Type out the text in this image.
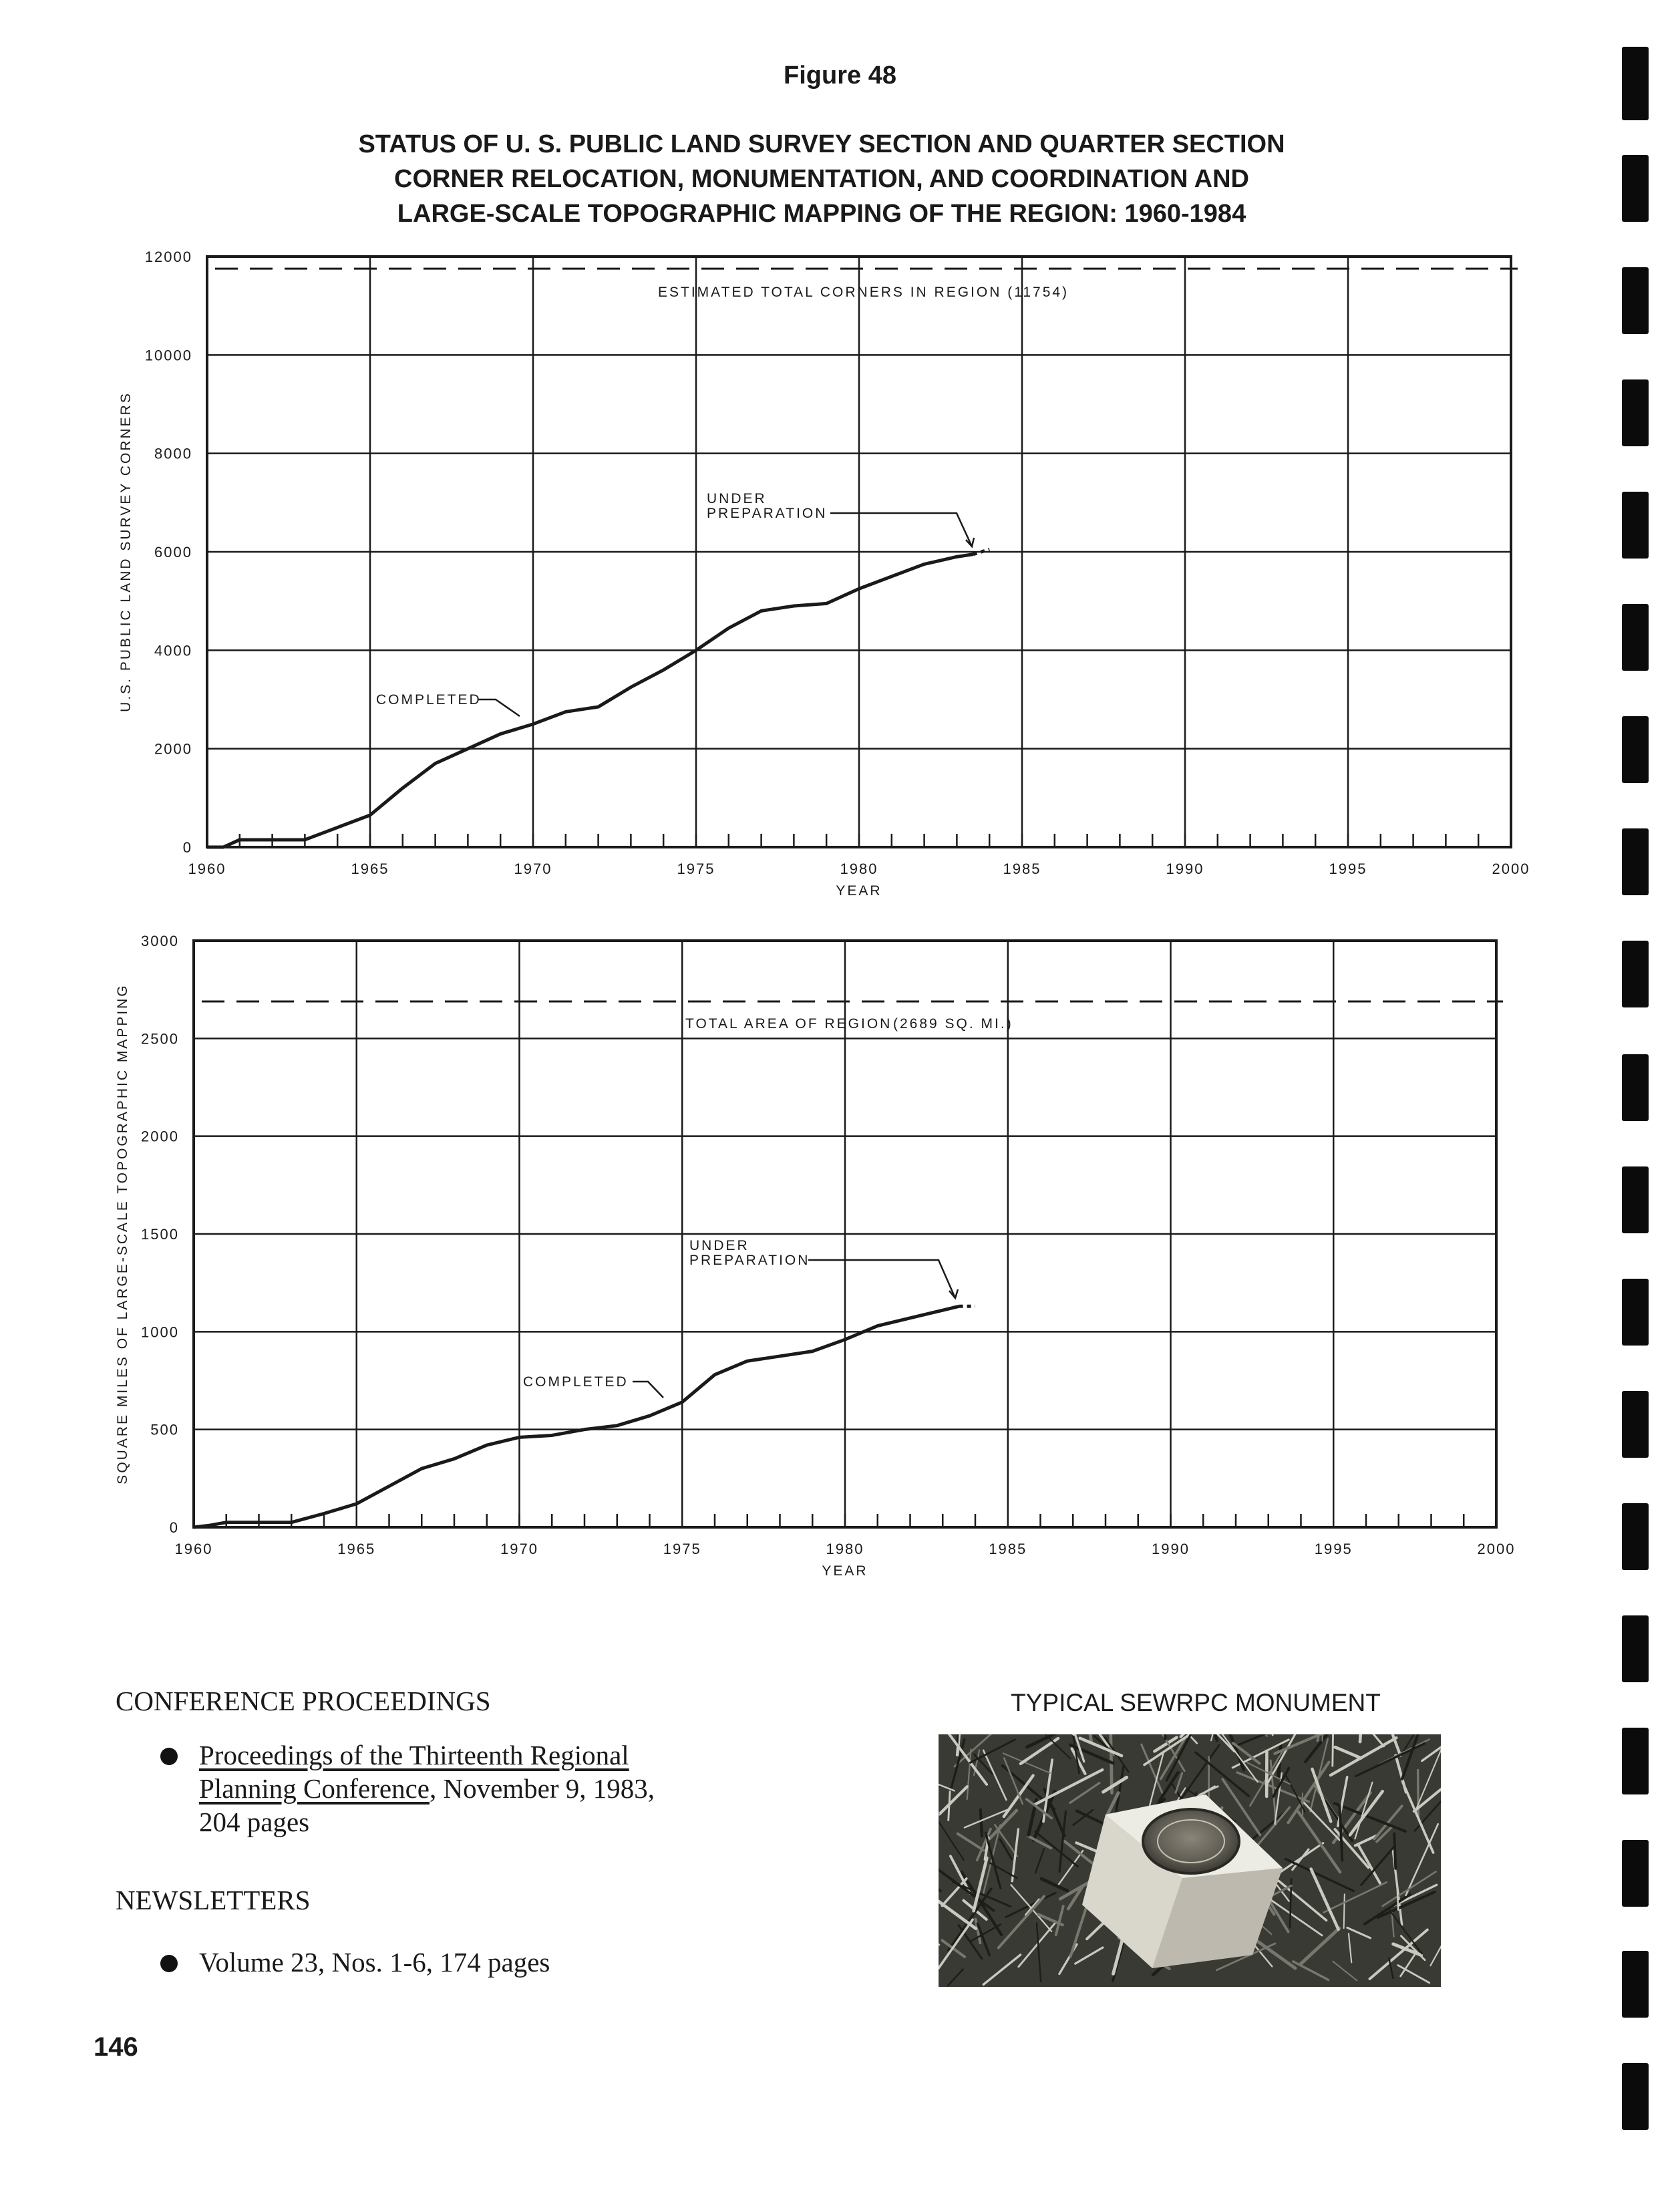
Figure 48
STATUS OF U. S. PUBLIC LAND SURVEY SECTION AND QUARTER SECTION
CORNER RELOCATION, MONUMENTATION, AND COORDINATION AND
LARGE-SCALE TOPOGRAPHIC MAPPING OF THE REGION: 1960-1984
ESTIMATED TOTAL CORNERS IN REGION (11754)
0
2000
4000
6000
8000
10000
12000
1960	1965	1970	1975	1980	1985	1990	1995	2000
U.S. PUBLIC LAND SURVEY CORNERS
YEAR
COMPLETED
UNDER
PREPARATION
TOTAL AREA OF REGION (2689 SQ. MI.)
0
500
1000
1500
2000
2500
3000
1960	1965	1970	1975	1980	1985	1990	1995	2000
SQUARE MILES OF LARGE-SCALE TOPOGRAPHIC MAPPING
YEAR
COMPLETED
UNDER
PREPARATION
CONFERENCE PROCEEDINGS
Proceedings of the Thirteenth Regional
Planning Conference, November 9, 1983,
204 pages
NEWSLETTERS
Volume 23, Nos. 1-6, 174 pages
TYPICAL SEWRPC MONUMENT
146
